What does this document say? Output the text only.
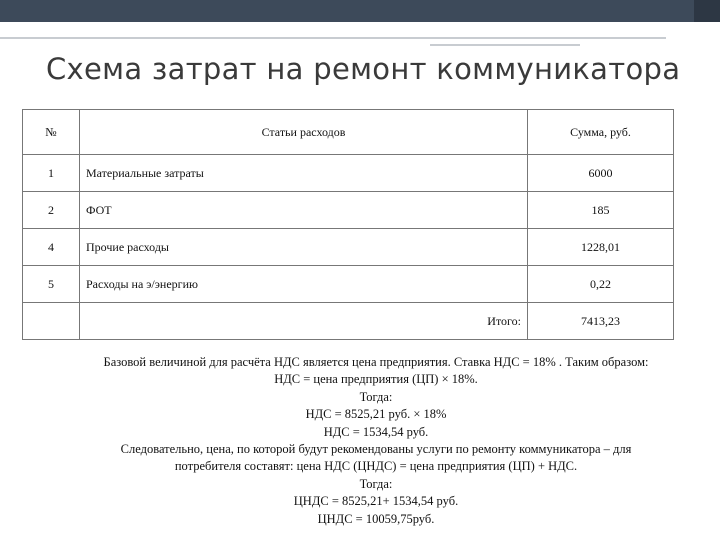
Схема затрат на ремонт коммуникатора
№	Статьи расходов	Сумма, руб.
1	Материальные затраты	6000
2	ФОТ	185
4	Прочие расходы	1228,01
5	Расходы на э/энергию	0,22
	Итого:	7413,23

Базовой величиной для расчёта НДС является цена предприятия. Ставка НДС = 18% . Таким образом:

НДС = цена предприятия (ЦП) × 18%.

Тогда:

НДС = 8525,21 руб. × 18%

НДС = 1534,54 руб.

Следовательно, цена, по которой будут рекомендованы услуги по ремонту коммуникатора – для

потребителя составят: цена НДС (ЦНДС) = цена предприятия (ЦП) + НДС.

Тогда:

ЦНДС = 8525,21+ 1534,54 руб.

ЦНДС = 10059,75руб.
